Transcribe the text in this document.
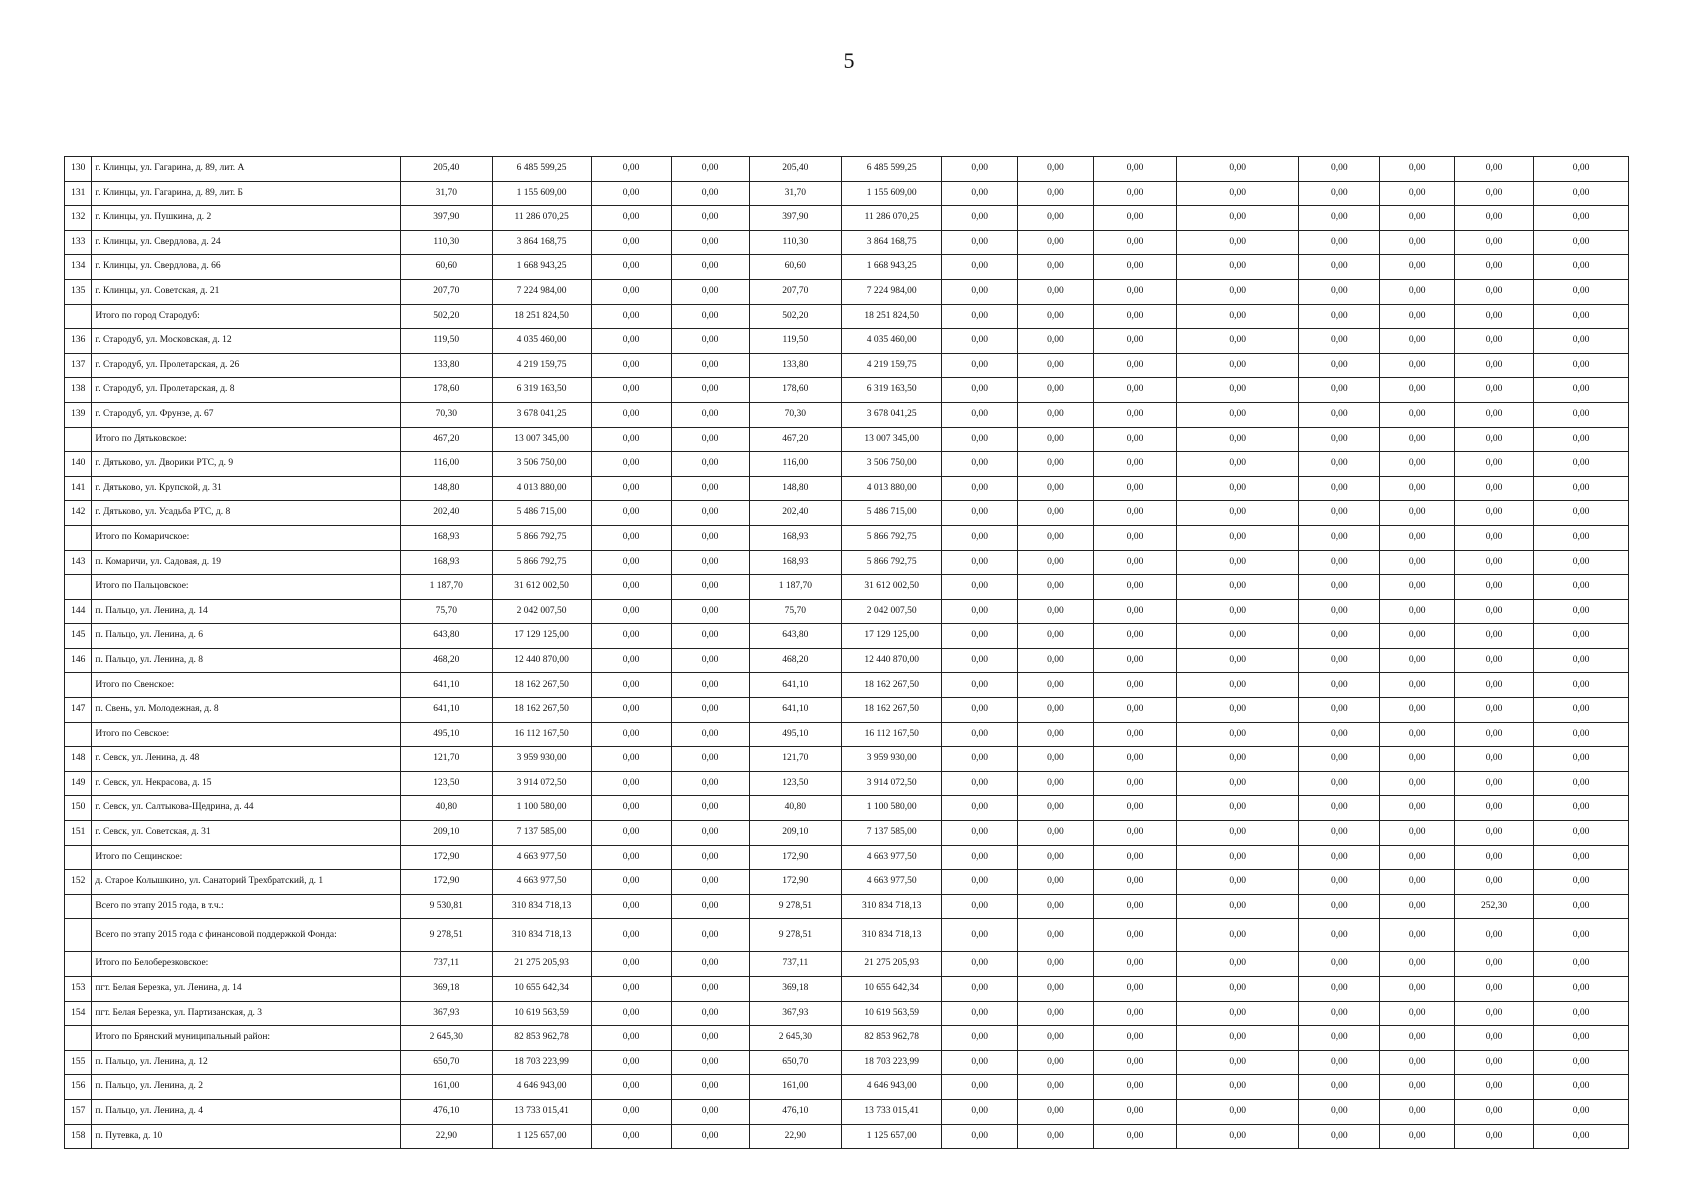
5
130	г. Клинцы, ул. Гагарина, д. 89, лит. А	205,40	6 485 599,25	0,00	0,00	205,40	6 485 599,25	0,00	0,00	0,00	0,00	0,00	0,00	0,00	0,00
131	г. Клинцы, ул. Гагарина, д. 89, лит. Б	31,70	1 155 609,00	0,00	0,00	31,70	1 155 609,00	0,00	0,00	0,00	0,00	0,00	0,00	0,00	0,00
132	г. Клинцы, ул. Пушкина, д. 2	397,90	11 286 070,25	0,00	0,00	397,90	11 286 070,25	0,00	0,00	0,00	0,00	0,00	0,00	0,00	0,00
133	г. Клинцы, ул. Свердлова, д. 24	110,30	3 864 168,75	0,00	0,00	110,30	3 864 168,75	0,00	0,00	0,00	0,00	0,00	0,00	0,00	0,00
134	г. Клинцы, ул. Свердлова, д. 66	60,60	1 668 943,25	0,00	0,00	60,60	1 668 943,25	0,00	0,00	0,00	0,00	0,00	0,00	0,00	0,00
135	г. Клинцы, ул. Советская, д. 21	207,70	7 224 984,00	0,00	0,00	207,70	7 224 984,00	0,00	0,00	0,00	0,00	0,00	0,00	0,00	0,00
	Итого по город Стародуб:	502,20	18 251 824,50	0,00	0,00	502,20	18 251 824,50	0,00	0,00	0,00	0,00	0,00	0,00	0,00	0,00
136	г. Стародуб, ул. Московская, д. 12	119,50	4 035 460,00	0,00	0,00	119,50	4 035 460,00	0,00	0,00	0,00	0,00	0,00	0,00	0,00	0,00
137	г. Стародуб, ул. Пролетарская, д. 26	133,80	4 219 159,75	0,00	0,00	133,80	4 219 159,75	0,00	0,00	0,00	0,00	0,00	0,00	0,00	0,00
138	г. Стародуб, ул. Пролетарская, д. 8	178,60	6 319 163,50	0,00	0,00	178,60	6 319 163,50	0,00	0,00	0,00	0,00	0,00	0,00	0,00	0,00
139	г. Стародуб, ул. Фрунзе, д. 67	70,30	3 678 041,25	0,00	0,00	70,30	3 678 041,25	0,00	0,00	0,00	0,00	0,00	0,00	0,00	0,00
	Итого по Дятьковское:	467,20	13 007 345,00	0,00	0,00	467,20	13 007 345,00	0,00	0,00	0,00	0,00	0,00	0,00	0,00	0,00
140	г. Дятьково, ул. Дворики РТС, д. 9	116,00	3 506 750,00	0,00	0,00	116,00	3 506 750,00	0,00	0,00	0,00	0,00	0,00	0,00	0,00	0,00
141	г. Дятьково, ул. Крупской, д. 31	148,80	4 013 880,00	0,00	0,00	148,80	4 013 880,00	0,00	0,00	0,00	0,00	0,00	0,00	0,00	0,00
142	г. Дятьково, ул. Усадьба РТС, д. 8	202,40	5 486 715,00	0,00	0,00	202,40	5 486 715,00	0,00	0,00	0,00	0,00	0,00	0,00	0,00	0,00
	Итого по Комаричское:	168,93	5 866 792,75	0,00	0,00	168,93	5 866 792,75	0,00	0,00	0,00	0,00	0,00	0,00	0,00	0,00
143	п. Комаричи, ул. Садовая, д. 19	168,93	5 866 792,75	0,00	0,00	168,93	5 866 792,75	0,00	0,00	0,00	0,00	0,00	0,00	0,00	0,00
	Итого по Пальцовское:	1 187,70	31 612 002,50	0,00	0,00	1 187,70	31 612 002,50	0,00	0,00	0,00	0,00	0,00	0,00	0,00	0,00
144	п. Пальцо, ул. Ленина, д. 14	75,70	2 042 007,50	0,00	0,00	75,70	2 042 007,50	0,00	0,00	0,00	0,00	0,00	0,00	0,00	0,00
145	п. Пальцо, ул. Ленина, д. 6	643,80	17 129 125,00	0,00	0,00	643,80	17 129 125,00	0,00	0,00	0,00	0,00	0,00	0,00	0,00	0,00
146	п. Пальцо, ул. Ленина, д. 8	468,20	12 440 870,00	0,00	0,00	468,20	12 440 870,00	0,00	0,00	0,00	0,00	0,00	0,00	0,00	0,00
	Итого по Свенское:	641,10	18 162 267,50	0,00	0,00	641,10	18 162 267,50	0,00	0,00	0,00	0,00	0,00	0,00	0,00	0,00
147	п. Свень, ул. Молодежная, д. 8	641,10	18 162 267,50	0,00	0,00	641,10	18 162 267,50	0,00	0,00	0,00	0,00	0,00	0,00	0,00	0,00
	Итого по Севское:	495,10	16 112 167,50	0,00	0,00	495,10	16 112 167,50	0,00	0,00	0,00	0,00	0,00	0,00	0,00	0,00
148	г. Севск, ул. Ленина, д. 48	121,70	3 959 930,00	0,00	0,00	121,70	3 959 930,00	0,00	0,00	0,00	0,00	0,00	0,00	0,00	0,00
149	г. Севск, ул. Некрасова, д. 15	123,50	3 914 072,50	0,00	0,00	123,50	3 914 072,50	0,00	0,00	0,00	0,00	0,00	0,00	0,00	0,00
150	г. Севск, ул. Салтыкова-Щедрина, д. 44	40,80	1 100 580,00	0,00	0,00	40,80	1 100 580,00	0,00	0,00	0,00	0,00	0,00	0,00	0,00	0,00
151	г. Севск, ул. Советская, д. 31	209,10	7 137 585,00	0,00	0,00	209,10	7 137 585,00	0,00	0,00	0,00	0,00	0,00	0,00	0,00	0,00
	Итого по Сещинское:	172,90	4 663 977,50	0,00	0,00	172,90	4 663 977,50	0,00	0,00	0,00	0,00	0,00	0,00	0,00	0,00
152	д. Старое Колышкино, ул. Санаторий Трехбратский, д. 1	172,90	4 663 977,50	0,00	0,00	172,90	4 663 977,50	0,00	0,00	0,00	0,00	0,00	0,00	0,00	0,00
	Всего по этапу 2015 года, в т.ч.:	9 530,81	310 834 718,13	0,00	0,00	9 278,51	310 834 718,13	0,00	0,00	0,00	0,00	0,00	0,00	252,30	0,00
	Всего по этапу 2015 года с финансовой поддержкой Фонда:	9 278,51	310 834 718,13	0,00	0,00	9 278,51	310 834 718,13	0,00	0,00	0,00	0,00	0,00	0,00	0,00	0,00
	Итого по Белоберезковское:	737,11	21 275 205,93	0,00	0,00	737,11	21 275 205,93	0,00	0,00	0,00	0,00	0,00	0,00	0,00	0,00
153	пгт. Белая Березка, ул. Ленина, д. 14	369,18	10 655 642,34	0,00	0,00	369,18	10 655 642,34	0,00	0,00	0,00	0,00	0,00	0,00	0,00	0,00
154	пгт. Белая Березка, ул. Партизанская, д. 3	367,93	10 619 563,59	0,00	0,00	367,93	10 619 563,59	0,00	0,00	0,00	0,00	0,00	0,00	0,00	0,00
	Итого по Брянский муниципальный район:	2 645,30	82 853 962,78	0,00	0,00	2 645,30	82 853 962,78	0,00	0,00	0,00	0,00	0,00	0,00	0,00	0,00
155	п. Пальцо, ул. Ленина, д. 12	650,70	18 703 223,99	0,00	0,00	650,70	18 703 223,99	0,00	0,00	0,00	0,00	0,00	0,00	0,00	0,00
156	п. Пальцо, ул. Ленина, д. 2	161,00	4 646 943,00	0,00	0,00	161,00	4 646 943,00	0,00	0,00	0,00	0,00	0,00	0,00	0,00	0,00
157	п. Пальцо, ул. Ленина, д. 4	476,10	13 733 015,41	0,00	0,00	476,10	13 733 015,41	0,00	0,00	0,00	0,00	0,00	0,00	0,00	0,00
158	п. Путевка, д. 10	22,90	1 125 657,00	0,00	0,00	22,90	1 125 657,00	0,00	0,00	0,00	0,00	0,00	0,00	0,00	0,00
